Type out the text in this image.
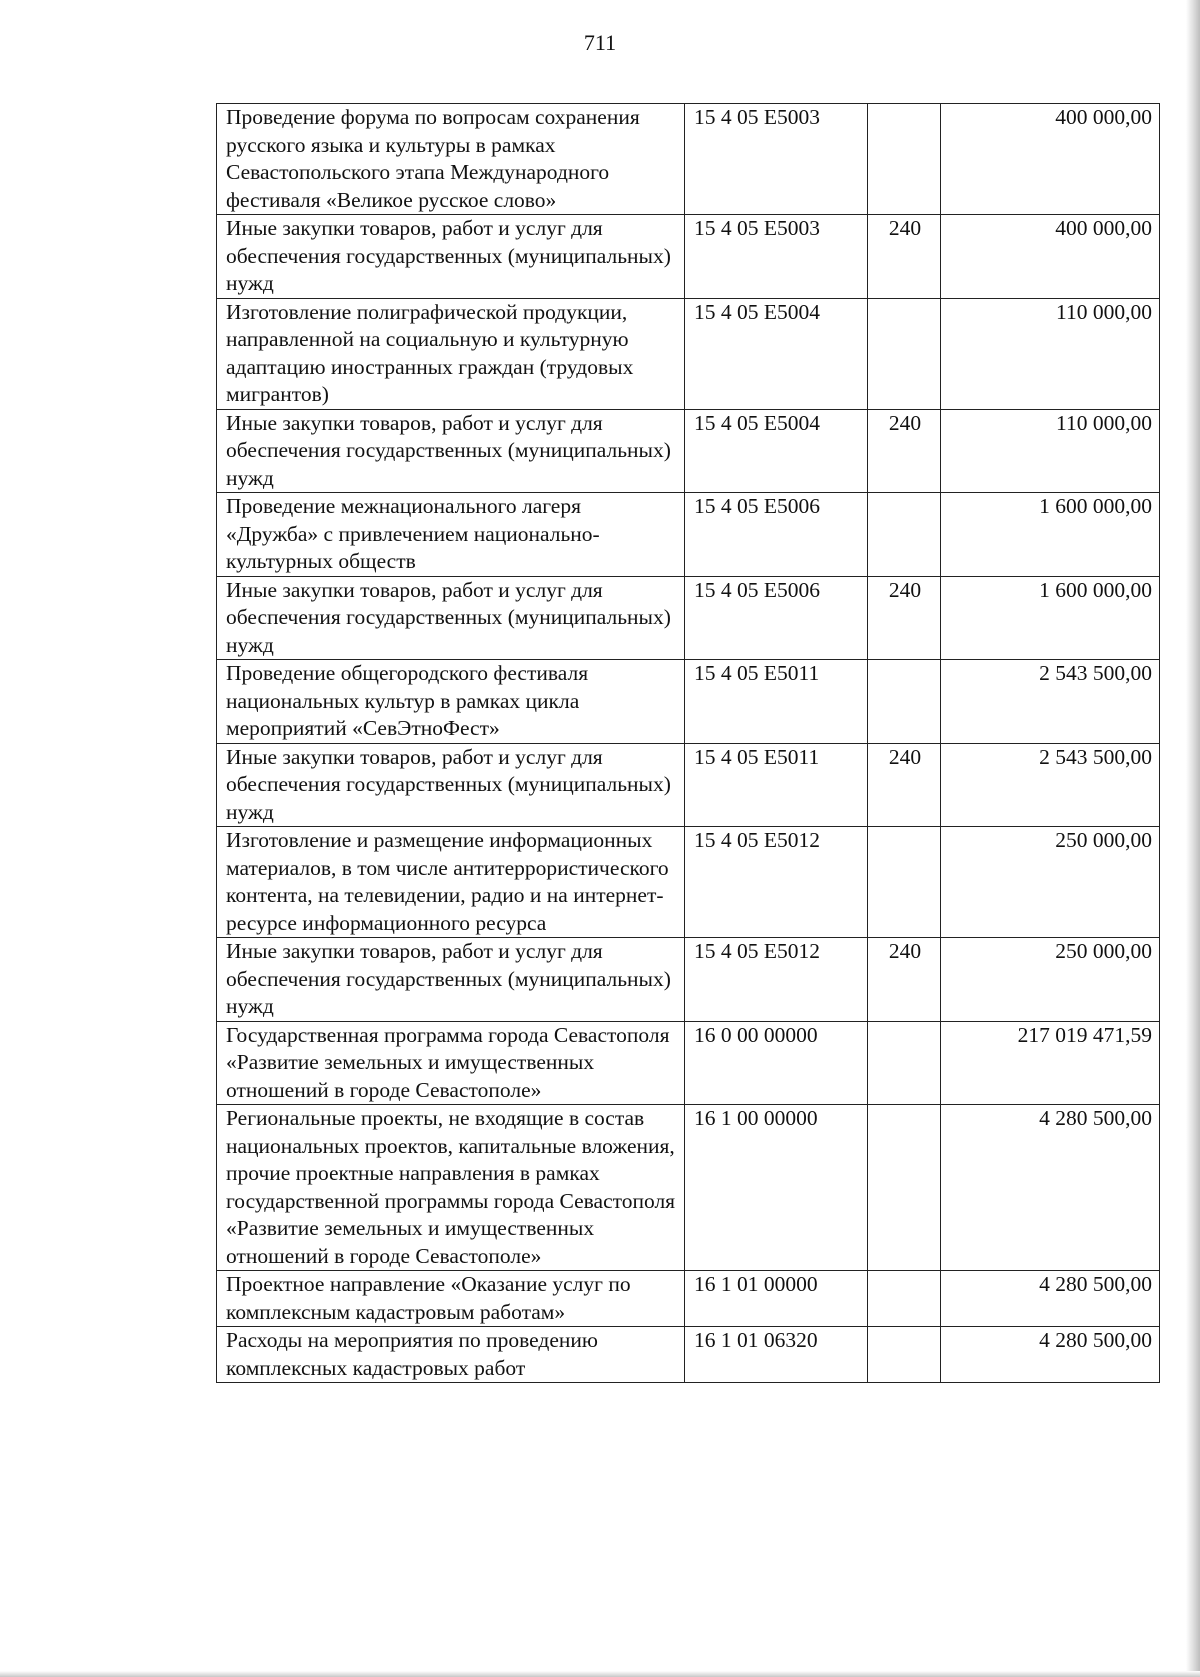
711
Проведение форума по вопросам сохранения русского языка и культуры в рамках Севастопольского этапа Международного фестиваля «Великое русское слово»	15 4 05 E5003		400 000,00
Иные закупки товаров, работ и услуг для обеспечения государственных (муниципальных) нужд	15 4 05 E5003	240	400 000,00
Изготовление полиграфической продукции, направленной на социальную и культурную адаптацию иностранных граждан (трудовых мигрантов)	15 4 05 E5004		110 000,00
Иные закупки товаров, работ и услуг для обеспечения государственных (муниципальных) нужд	15 4 05 E5004	240	110 000,00
Проведение межнационального лагеря «Дружба» с привлечением национально-культурных обществ	15 4 05 E5006		1 600 000,00
Иные закупки товаров, работ и услуг для обеспечения государственных (муниципальных) нужд	15 4 05 E5006	240	1 600 000,00
Проведение общегородского фестиваля национальных культур в рамках цикла мероприятий «СевЭтноФест»	15 4 05 E5011		2 543 500,00
Иные закупки товаров, работ и услуг для обеспечения государственных (муниципальных) нужд	15 4 05 E5011	240	2 543 500,00
Изготовление и размещение информационных материалов, в том числе антитеррористического контента, на телевидении, радио и на интернет-ресурсе информационного ресурса	15 4 05 E5012		250 000,00
Иные закупки товаров, работ и услуг для обеспечения государственных (муниципальных) нужд	15 4 05 E5012	240	250 000,00
Государственная программа города Севастополя «Развитие земельных и имущественных отношений в городе Севастополе»	16 0 00 00000		217 019 471,59
Региональные проекты, не входящие в состав национальных проектов, капитальные вложения, прочие проектные направления в рамках государственной программы города Севастополя «Развитие земельных и имущественных отношений в городе Севастополе»	16 1 00 00000		4 280 500,00
Проектное направление «Оказание услуг по комплексным кадастровым работам»	16 1 01 00000		4 280 500,00
Расходы на мероприятия по проведению комплексных кадастровых работ	16 1 01 06320		4 280 500,00
